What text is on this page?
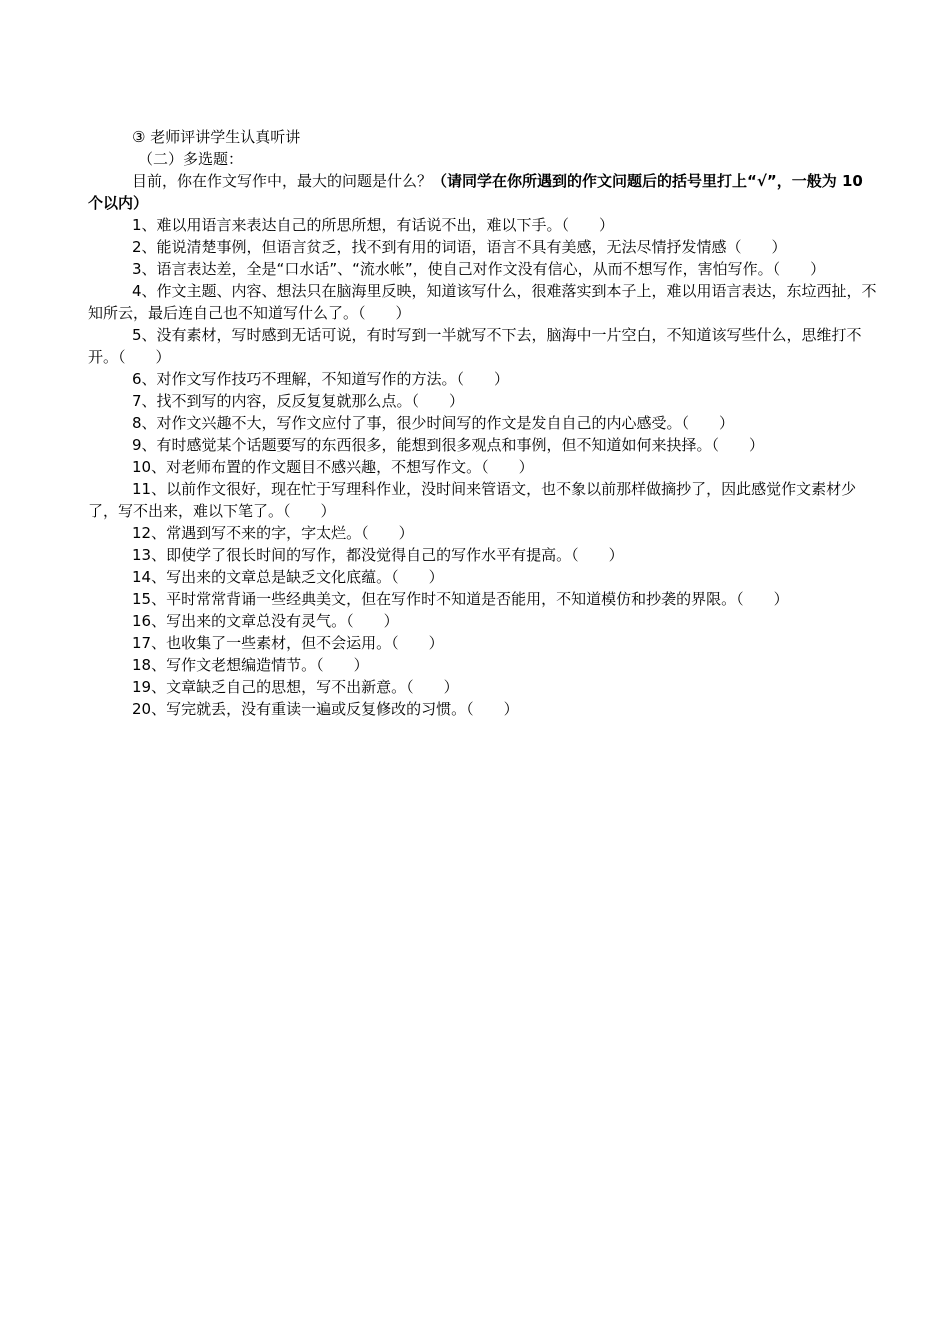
③ 老师评讲学生认真听讲

（二）多选题：

目前，你在作文写作中，最大的问题是什么？（请同学在你所遇到的作文问题后的括号里打上“√”，一般为 10 个以内）

1、难以用语言来表达自己的所思所想，有话说不出，难以下手。（　　）

2、能说清楚事例，但语言贫乏，找不到有用的词语，语言不具有美感，无法尽情抒发情感（　　）

3、语言表达差，全是“口水话”、“流水帐”，使自己对作文没有信心，从而不想写作，害怕写作。（　　）

4、作文主题、内容、想法只在脑海里反映，知道该写什么，很难落实到本子上，难以用语言表达，东垃西扯，不知所云，最后连自己也不知道写什么了。（　　）

5、没有素材，写时感到无话可说，有时写到一半就写不下去，脑海中一片空白，不知道该写些什么，思维打不开。（　　）

6、对作文写作技巧不理解，不知道写作的方法。（　　）

7、找不到写的内容，反反复复就那么点。（　　）

8、对作文兴趣不大，写作文应付了事，很少时间写的作文是发自自己的内心感受。（　　）

9、有时感觉某个话题要写的东西很多，能想到很多观点和事例，但不知道如何来抉择。（　　）

10、对老师布置的作文题目不感兴趣，不想写作文。（　　）

11、以前作文很好，现在忙于写理科作业，没时间来管语文，也不象以前那样做摘抄了，因此感觉作文素材少了，写不出来，难以下笔了。（　　）

12、常遇到写不来的字，字太烂。（　　）

13、即使学了很长时间的写作，都没觉得自己的写作水平有提高。（　　）

14、写出来的文章总是缺乏文化底蕴。（　　）

15、平时常常背诵一些经典美文，但在写作时不知道是否能用，不知道模仿和抄袭的界限。（　　）

16、写出来的文章总没有灵气。（　　）

17、也收集了一些素材，但不会运用。（　　）

18、写作文老想编造情节。（　　）

19、文章缺乏自己的思想，写不出新意。（　　）

20、写完就丢，没有重读一遍或反复修改的习惯。（　　）
